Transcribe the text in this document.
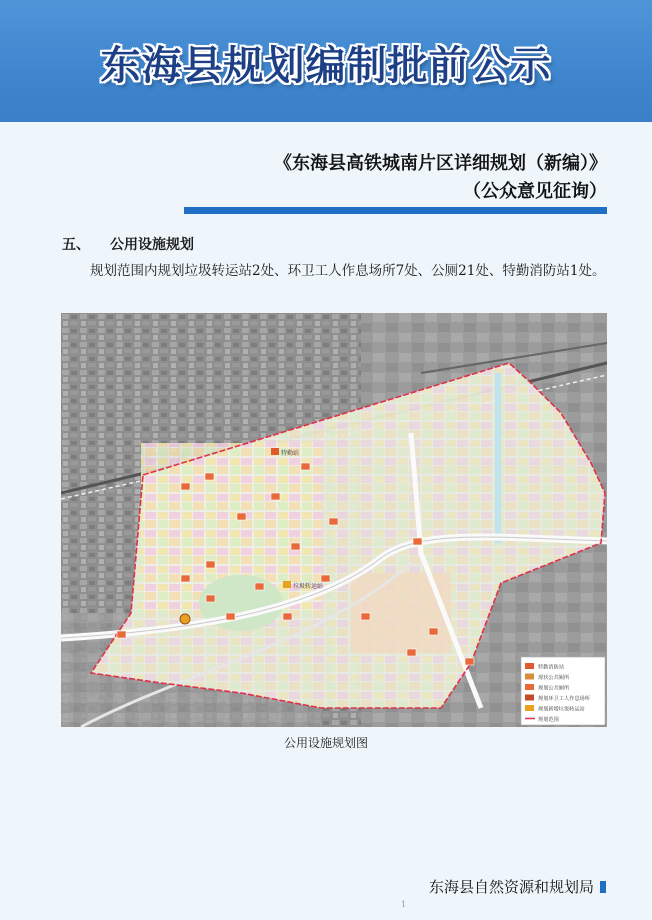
东海县规划编制批前公示
《东海县高铁城南片区详细规划（新编）》
（公众意见征询）
五、 公用设施规划
规划范围内规划垃圾转运站2处、环卫工人作息场所7处、公厕21处、特勤消防站1处。
特勤站
垃圾转运站
特勤消防站
现状公共厕所
规划公共厕所
规划环卫工人作息场所
规划新增垃圾转运站
规划范围
公用设施规划图
东海县自然资源和规划局
1
